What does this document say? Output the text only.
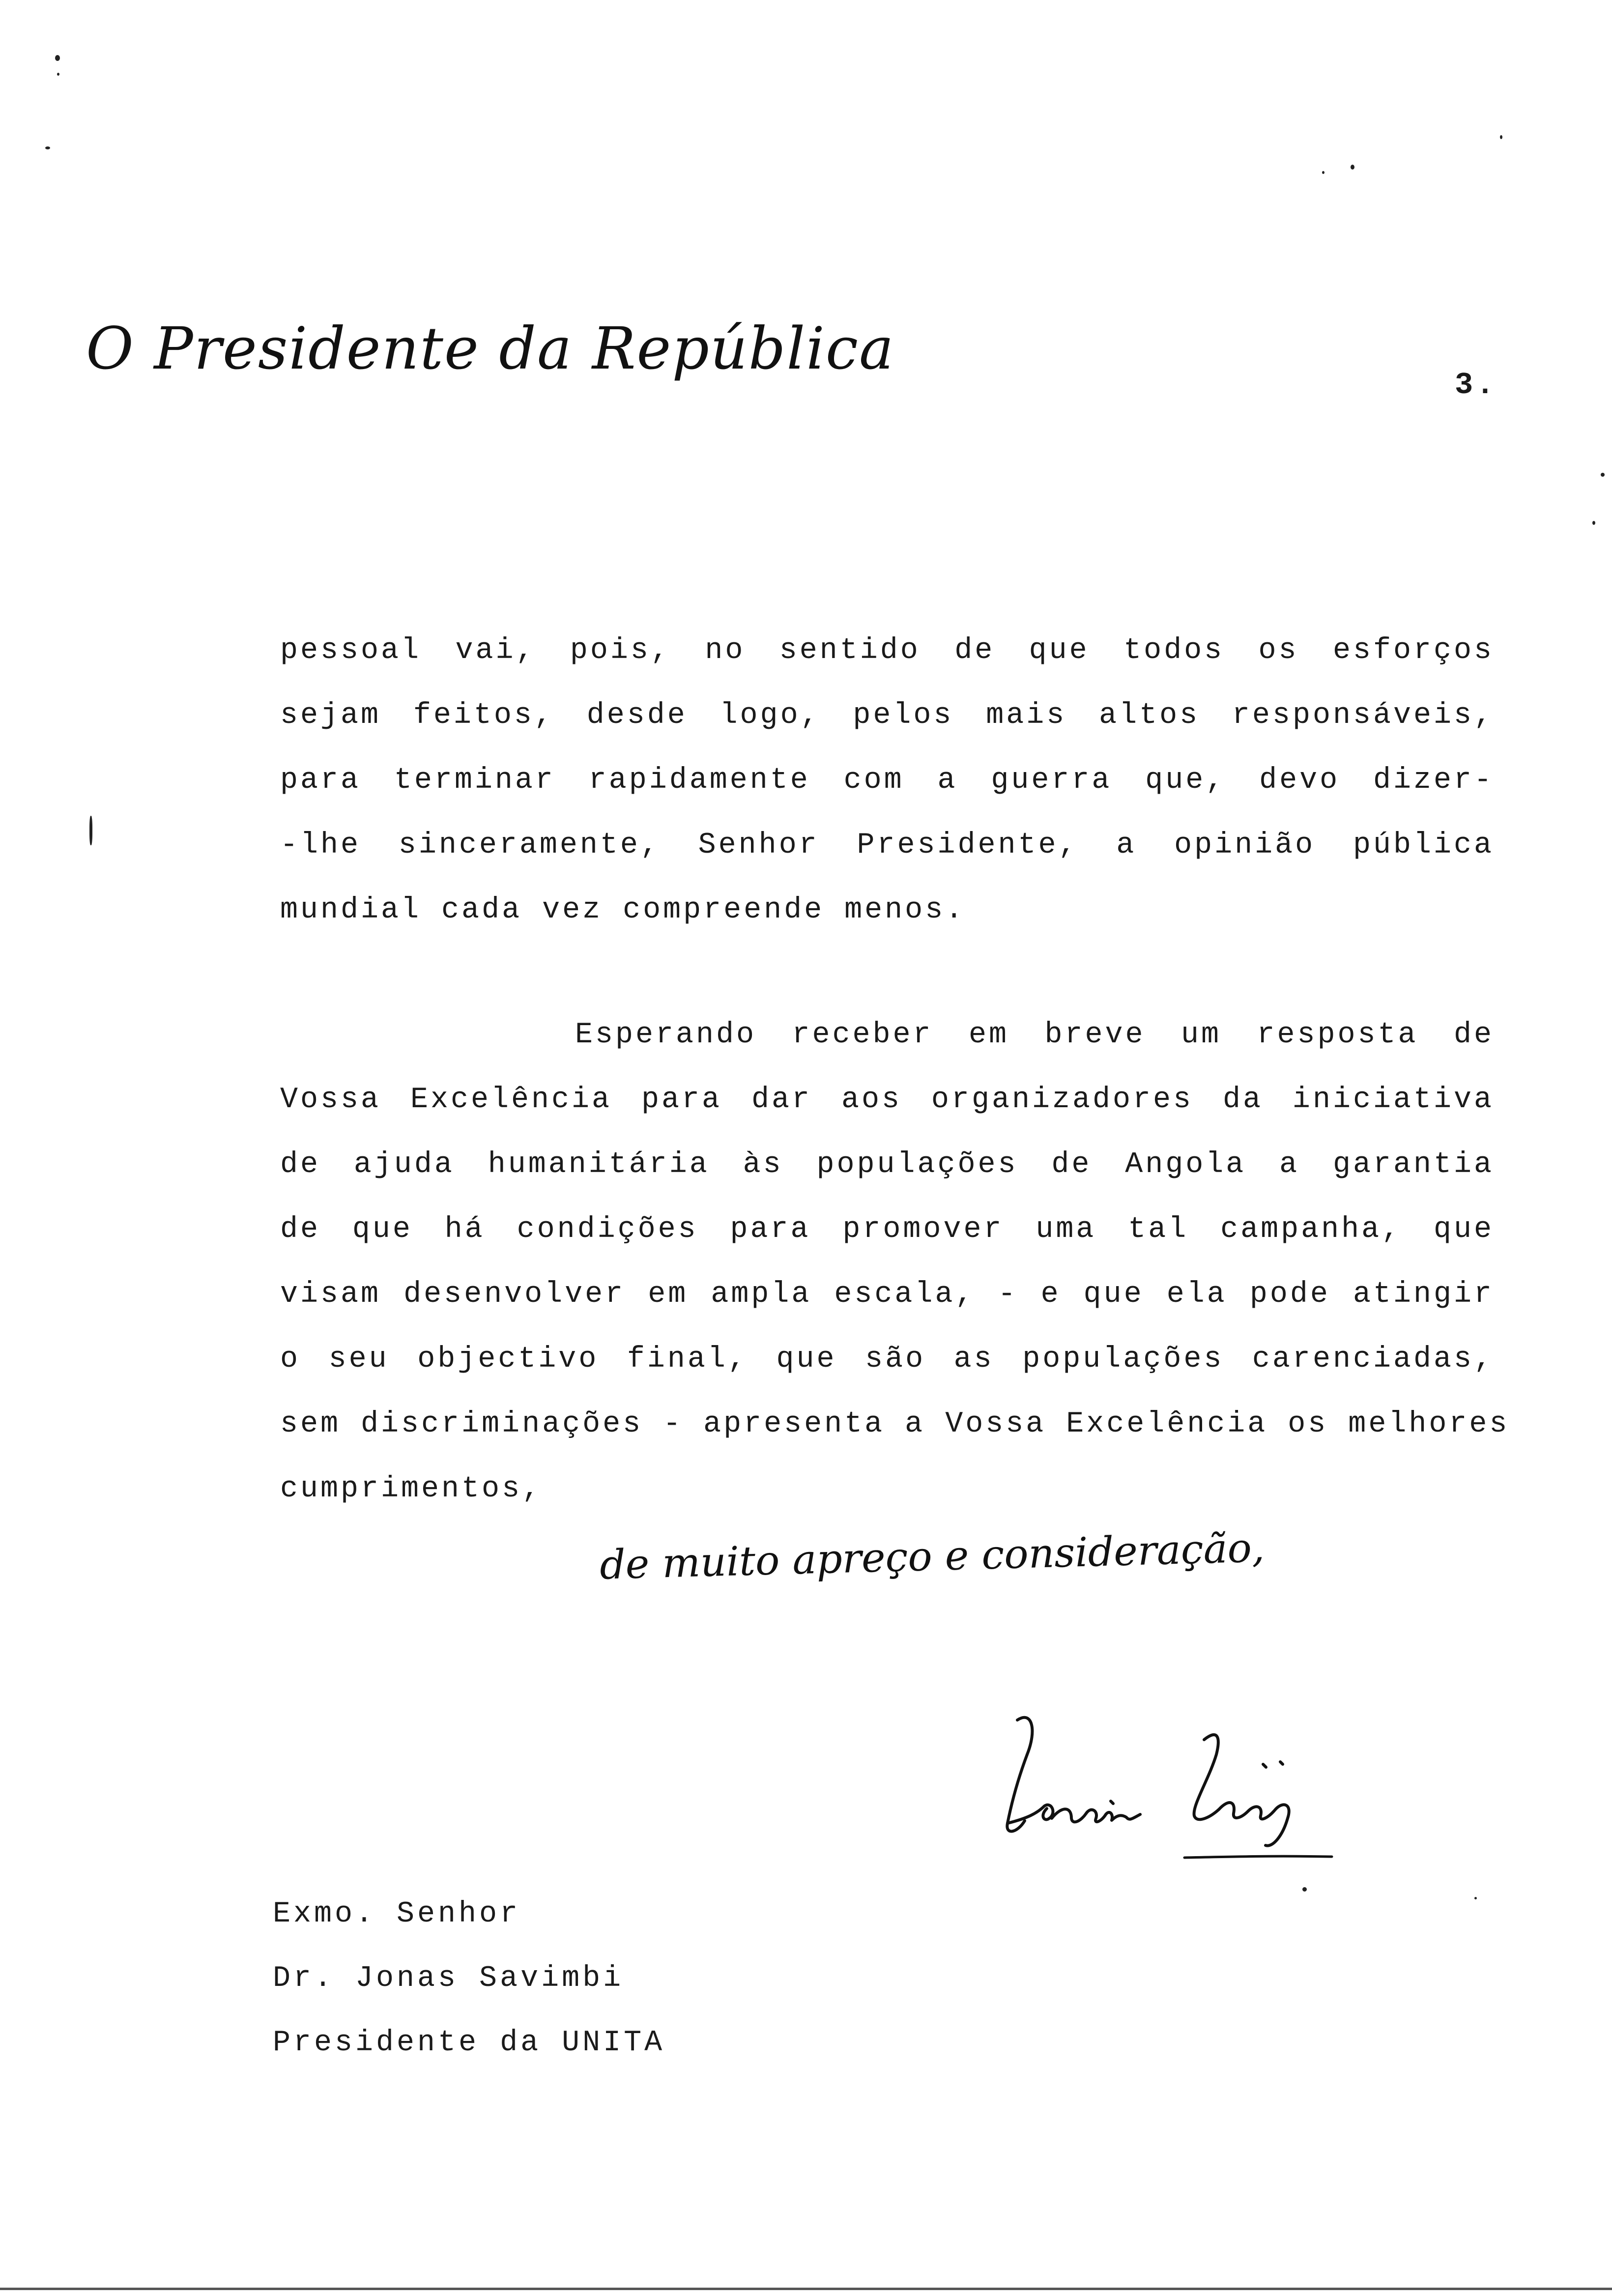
O Presidente da República
3.
pessoal vai, pois, no sentido de que todos os esforços
sejam feitos, desde logo, pelos mais altos responsáveis,
para terminar rapidamente com a guerra que, devo dizer-
-lhe sinceramente, Senhor Presidente, a opinião pública
mundial cada vez compreende menos.
Esperando receber em breve um resposta de
Vossa Excelência para dar aos organizadores da iniciativa
de ajuda humanitária às populações de Angola a garantia
de que há condições para promover uma tal campanha, que
visam desenvolver em ampla escala, - e que ela pode atingir
o seu objectivo final, que são as populações carenciadas,
sem discriminações - apresenta a Vossa Excelência os melhores
cumprimentos,
de muito apreço e consideração,
Exmo. Senhor
Dr. Jonas Savimbi
Presidente da UNITA
